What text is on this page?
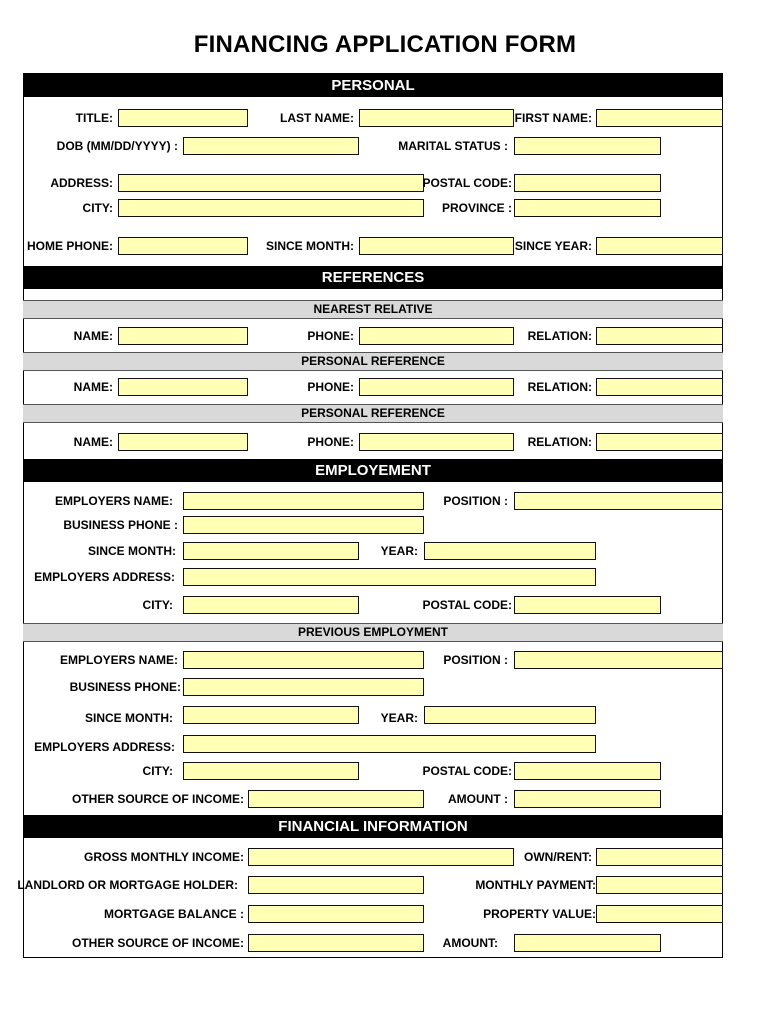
FINANCING APPLICATION FORM
PERSONAL
TITLE:	LAST NAME:	FIRST NAME:
DOB (MM/DD/YYYY) :	MARITAL STATUS :
ADDRESS:	POSTAL CODE:
CITY:	PROVINCE :
HOME PHONE:	SINCE MONTH:	SINCE YEAR:
REFERENCES
NEAREST RELATIVE
NAME:	PHONE:	RELATION:
PERSONAL REFERENCE
NAME:	PHONE:	RELATION:
PERSONAL REFERENCE
NAME:	PHONE:	RELATION:
EMPLOYEMENT
EMPLOYERS NAME:	POSITION :
BUSINESS PHONE :
SINCE MONTH:	YEAR:
EMPLOYERS ADDRESS:
CITY:	POSTAL CODE:
PREVIOUS EMPLOYMENT
EMPLOYERS NAME:	POSITION :
BUSINESS PHONE:
SINCE MONTH:	YEAR:
EMPLOYERS ADDRESS:
CITY:	POSTAL CODE:
OTHER SOURCE OF INCOME:	AMOUNT :
FINANCIAL INFORMATION
GROSS MONTHLY INCOME:	OWN/RENT:
LANDLORD OR MORTGAGE HOLDER:	MONTHLY PAYMENT:
MORTGAGE BALANCE :	PROPERTY VALUE:
OTHER SOURCE OF INCOME:	AMOUNT:
